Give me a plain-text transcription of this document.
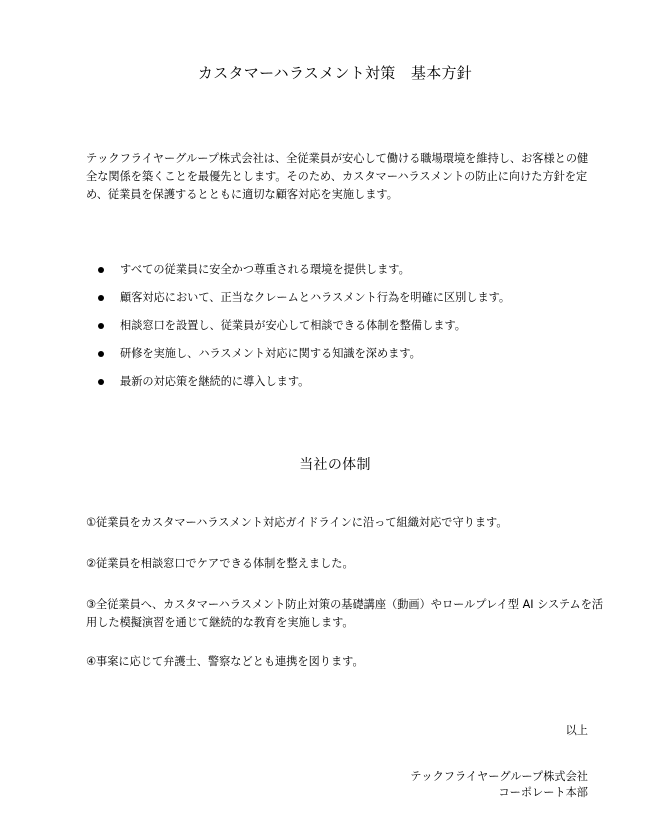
カスタマーハラスメント対策　基本方針
テックフライヤーグループ株式会社は、全従業員が安心して働ける職場環境を維持し、お客様との健全な関係を築くことを最優先とします。そのため、カスタマーハラスメントの防止に向けた方針を定め、従業員を保護するとともに適切な顧客対応を実施します。
すべての従業員に安全かつ尊重される環境を提供します。
顧客対応において、正当なクレームとハラスメント行為を明確に区別します。
相談窓口を設置し、従業員が安心して相談できる体制を整備します。
研修を実施し、ハラスメント対応に関する知識を深めます。
最新の対応策を継続的に導入します。
当社の体制
①従業員をカスタマーハラスメント対応ガイドラインに沿って組織対応で守ります。
②従業員を相談窓口でケアできる体制を整えました。
③全従業員へ、カスタマーハラスメント防止対策の基礎講座（動画）やロールプレイ型 AI システムを活用した模擬演習を通じて継続的な教育を実施します。
④事案に応じて弁護士、警察などとも連携を図ります。
以上
テックフライヤーグループ株式会社
コーポレート本部
